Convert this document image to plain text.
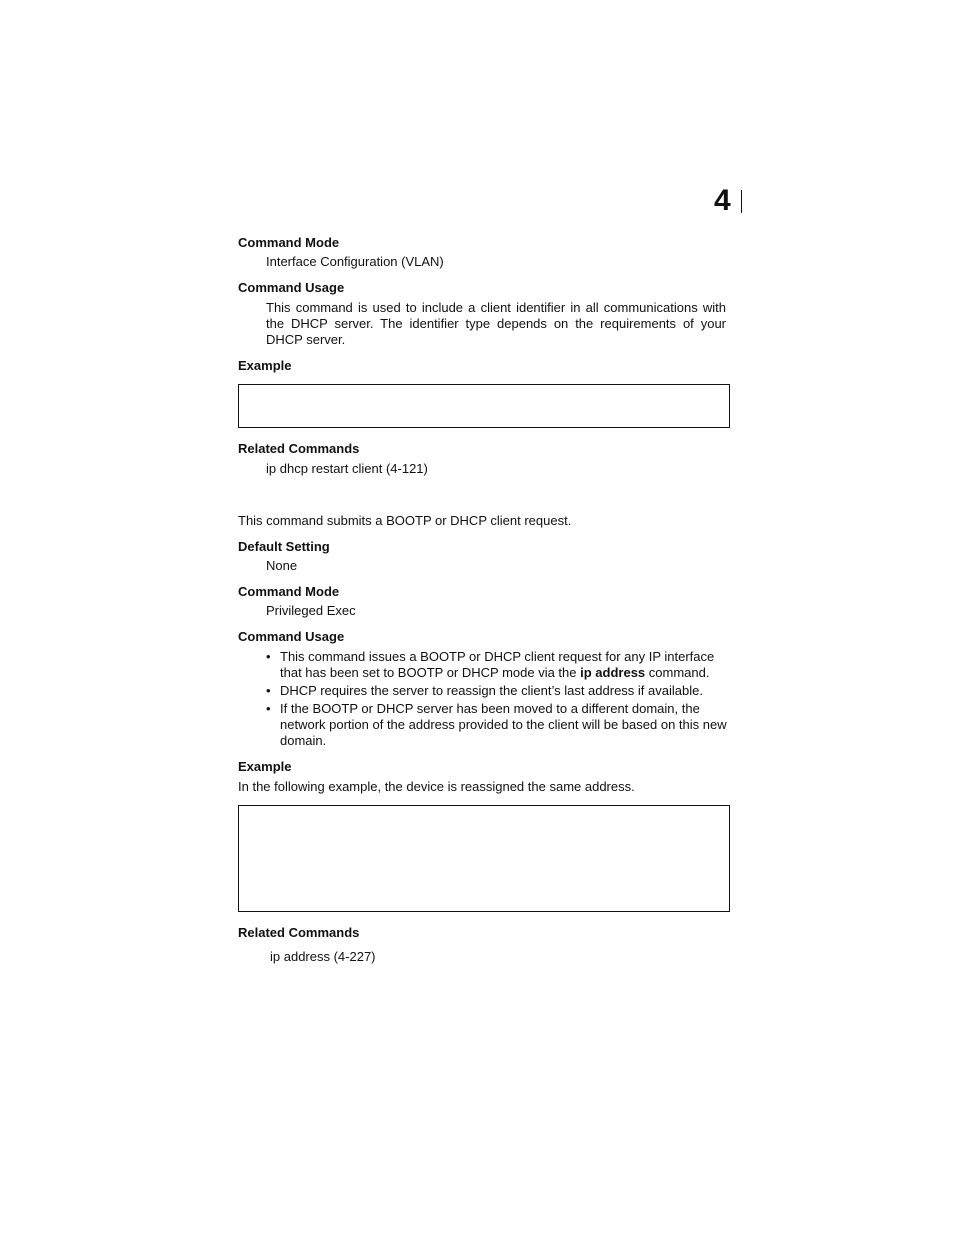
4
Command Mode
Interface Configuration (VLAN)
Command Usage
This command is used to include a client identifier in all communications with the DHCP server. The identifier type depends on the requirements of your DHCP server.
Example
Related Commands
ip dhcp restart client (4-121)
This command submits a BOOTP or DHCP client request.
Default Setting
None
Command Mode
Privileged Exec
Command Usage
• This command issues a BOOTP or DHCP client request for any IP interface that has been set to BOOTP or DHCP mode via the ip address command.
• DHCP requires the server to reassign the client’s last address if available.
• If the BOOTP or DHCP server has been moved to a different domain, the network portion of the address provided to the client will be based on this new domain.
Example
In the following example, the device is reassigned the same address.
Related Commands
ip address (4-227)
